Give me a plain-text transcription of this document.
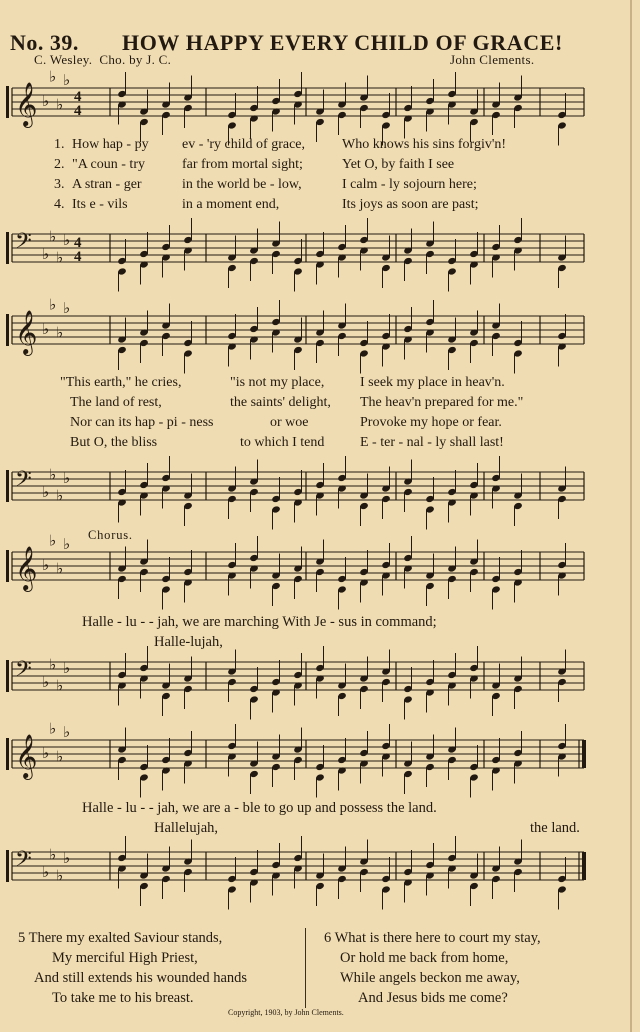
No. 39. HOW HAPPY EVERY CHILD OF GRACE!
C. Wesley. Cho. by J. C.	John Clements.
𝄞 ♭
♭
♭
♭
4
4
𝄢 ♭
♭
♭
♭ 4
4
1. How hap - py	ev - 'ry child of grace,	Who knows his sins forgiv'n!
2. "A coun - try	far from mortal sight;	Yet O, by faith I see
3. A stran - ger	in the world be - low,	I calm - ly sojourn here;
4. Its e - vils	in a moment end,	Its joys as soon are past;
𝄞 ♭
♭
♭
♭
𝄢 ♭
♭
♭
♭
"This earth," he cries,	"is not my place,	I seek my place in heav'n.
The land of rest,	the saints' delight,	The heav'n prepared for me."
Nor can its hap - pi - ness	or woe	Provoke my hope or fear.
But O, the bliss	to which I tend	E - ter - nal - ly shall last!
Chorus.
𝄞 ♭
♭
♭
♭
Halle - lu - - jah, we are marching With Je - sus in command;
Halle-lujah,
𝄢 ♭
♭
♭
♭
𝄞 ♭
♭
♭
♭
Halle - lu - - jah, we are a - ble to go up and possess the land.
Hallelujah,	the land.
𝄢 ♭
♭
♭
♭
5 There my exalted Saviour stands,
My merciful High Priest,
And still extends his wounded hands
To take me to his breast.
6 What is there here to court my stay,
Or hold me back from home,
While angels beckon me away,
And Jesus bids me come?
Copyright, 1903, by John Clements.
